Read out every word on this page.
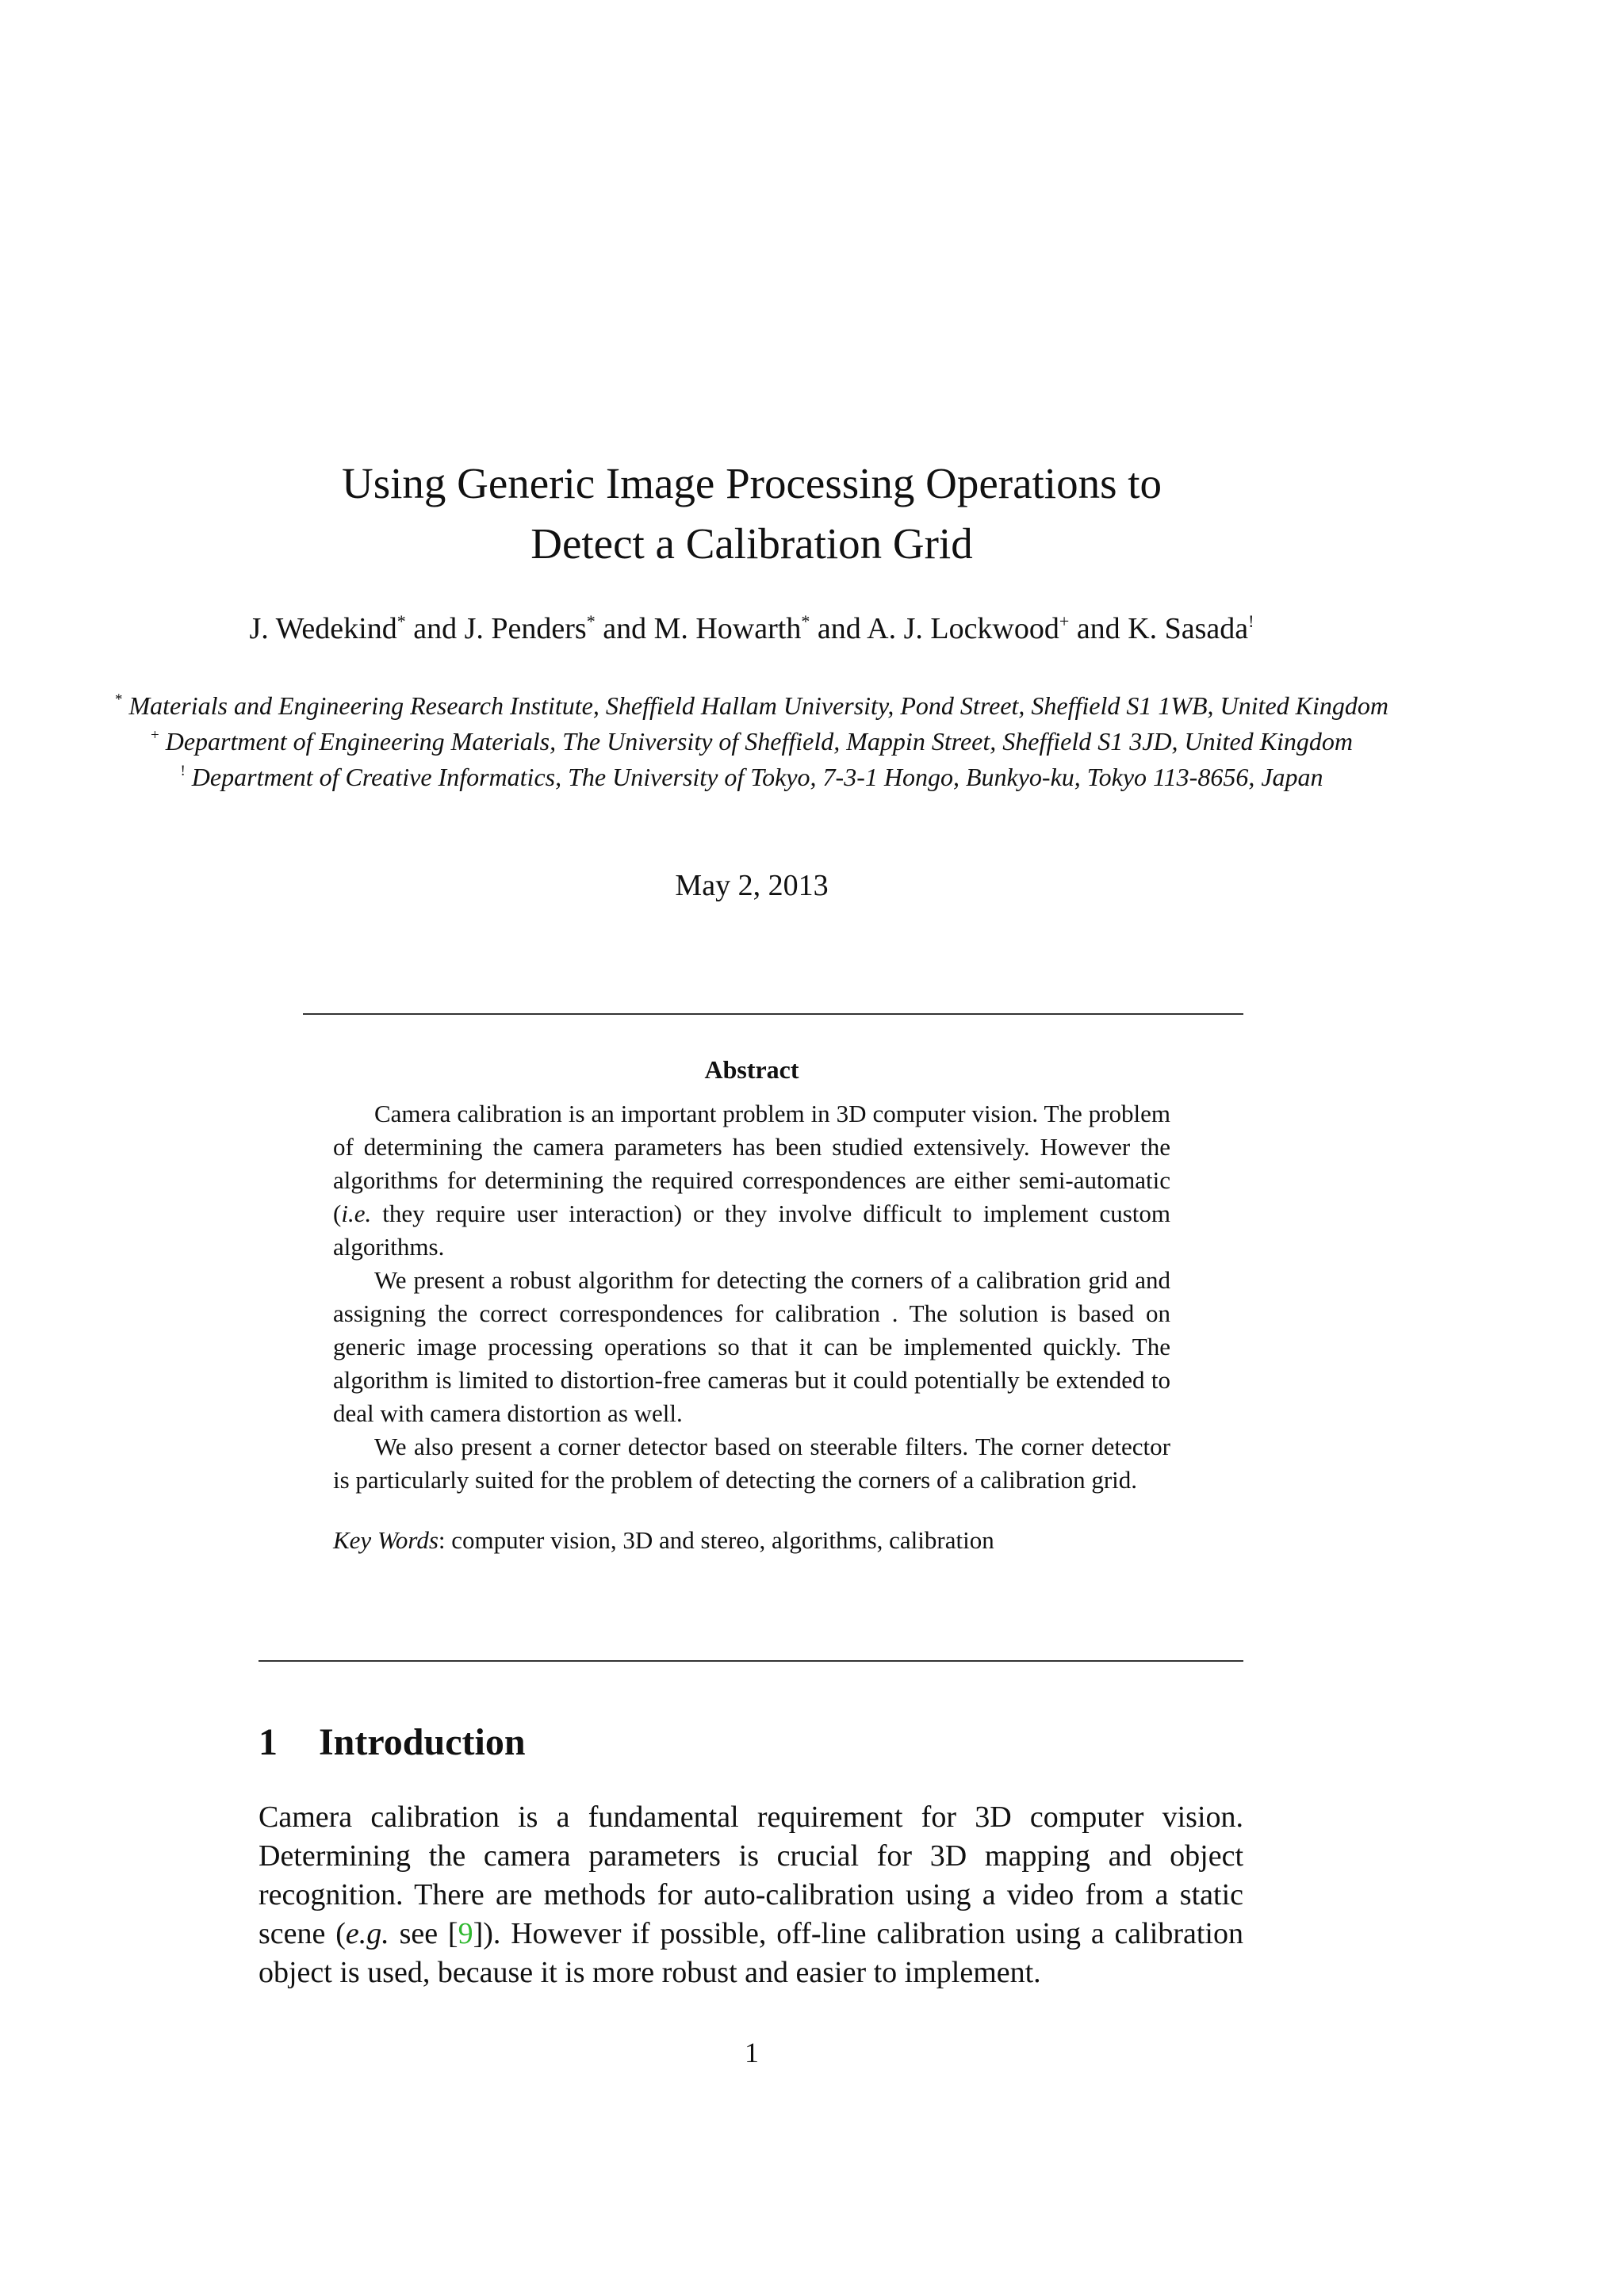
Using Generic Image Processing Operations to
Detect a Calibration Grid
J. Wedekind* and J. Penders* and M. Howarth* and A. J. Lockwood+ and K. Sasada!
* Materials and Engineering Research Institute, Sheffield Hallam University, Pond Street, Sheffield S1 1WB, United Kingdom
+ Department of Engineering Materials, The University of Sheffield, Mappin Street, Sheffield S1 3JD, United Kingdom
! Department of Creative Informatics, The University of Tokyo, 7-3-1 Hongo, Bunkyo-ku, Tokyo 113-8656, Japan
May 2, 2013
Abstract

Camera calibration is an important problem in 3D computer vision. The problem of determining the camera parameters has been studied extensively. However the algorithms for determining the required correspondences are either semi-automatic (i.e. they require user interaction) or they involve difficult to implement custom algorithms.

We present a robust algorithm for detecting the corners of a calibration grid and assigning the correct correspondences for calibration . The solution is based on generic image processing operations so that it can be implemented quickly. The algorithm is limited to distortion-free cameras but it could potentially be extended to deal with camera distortion as well.

We also present a corner detector based on steerable filters. The corner detector is particularly suited for the problem of detecting the corners of a calibration grid.

Key Words: computer vision, 3D and stereo, algorithms, calibration
1 Introduction

Camera calibration is a fundamental requirement for 3D computer vision. Determining the camera parameters is crucial for 3D mapping and object recognition. There are methods for auto-calibration using a video from a static scene (e.g. see [9]). However if possible, off-line calibration using a calibration object is used, because it is more robust and easier to implement.

1
